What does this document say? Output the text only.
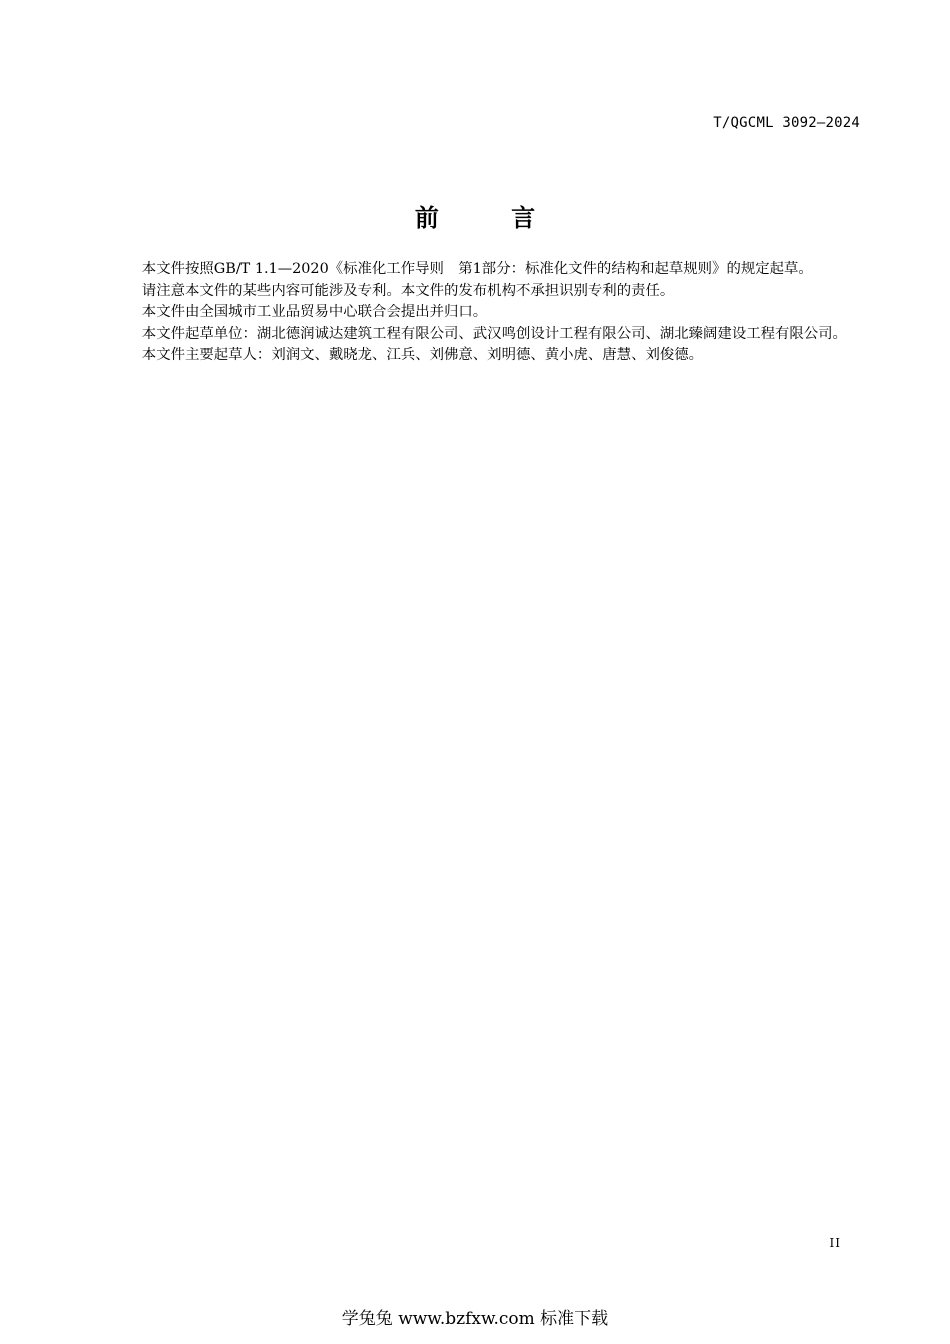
T/QGCML 3092—2024
前 言

本文件按照GB/T 1.1—2020《标准化工作导则　第1部分：标准化文件的结构和起草规则》的规定起草。

请注意本文件的某些内容可能涉及专利。本文件的发布机构不承担识别专利的责任。

本文件由全国城市工业品贸易中心联合会提出并归口。

本文件起草单位：湖北德润诚达建筑工程有限公司、武汉鸣创设计工程有限公司、湖北臻阔建设工程有限公司。

本文件主要起草人：刘润文、戴晓龙、江兵、刘佛意、刘明德、黄小虎、唐慧、刘俊德。

II
学兔兔 www.bzfxw.com 标准下载
